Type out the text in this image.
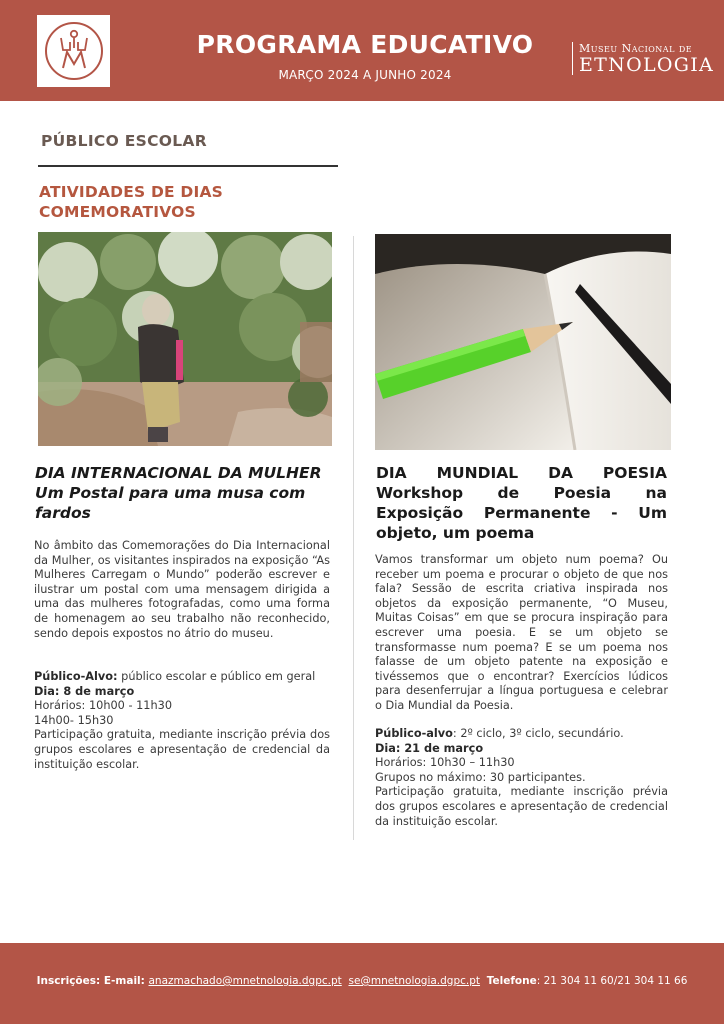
PROGRAMA EDUCATIVO
MARÇO 2024 A JUNHO 2024
Museu Nacional de
ETNOLOGIA
PÚBLICO ESCOLAR
ATIVIDADES DE DIAS
COMEMORATIVOS
DIA INTERNACIONAL DA MULHER
Um Postal para uma musa com
fardos
No âmbito das Comemorações do Dia Internacional da Mulher, os visitantes inspirados na exposição “As Mulheres Carregam o Mundo” poderão escrever e ilustrar um postal com uma mensagem dirigida a uma das mulheres fotografadas, como uma forma de homenagem ao seu trabalho não reconhecido, sendo depois expostos no átrio do museu.
Público-Alvo: público escolar e público em geral
Dia: 8 de março
Horários: 10h00 - 11h30
14h00- 15h30
Participação gratuita, mediante inscrição prévia dos grupos escolares e apresentação de credencial da instituição escolar.
DIA MUNDIAL DA POESIA
Workshop de Poesia na Exposição Permanente - Um objeto, um poema
Vamos transformar um objeto num poema? Ou receber um poema e procurar o objeto de que nos fala? Sessão de escrita criativa inspirada nos objetos da exposição permanente, “O Museu, Muitas Coisas” em que se procura inspiração para escrever uma poesia. E se um objeto se transformasse num poema? E se um poema nos falasse de um objeto patente na exposição e tivéssemos que o encontrar? Exercícios lúdicos para desenferrujar a língua portuguesa e celebrar o Dia Mundial da Poesia.
Público-alvo: 2º ciclo, 3º ciclo, secundário.
Dia: 21 de março
Horários: 10h30 – 11h30
Grupos no máximo: 30 participantes.
Participação gratuita, mediante inscrição prévia dos grupos escolares e apresentação de credencial da instituição escolar.
Inscrições: E-mail: anazmachado@mnetnologia.dgpc.pt se@mnetnologia.dgpc.pt Telefone: 21 304 11 60/21 304 11 66
